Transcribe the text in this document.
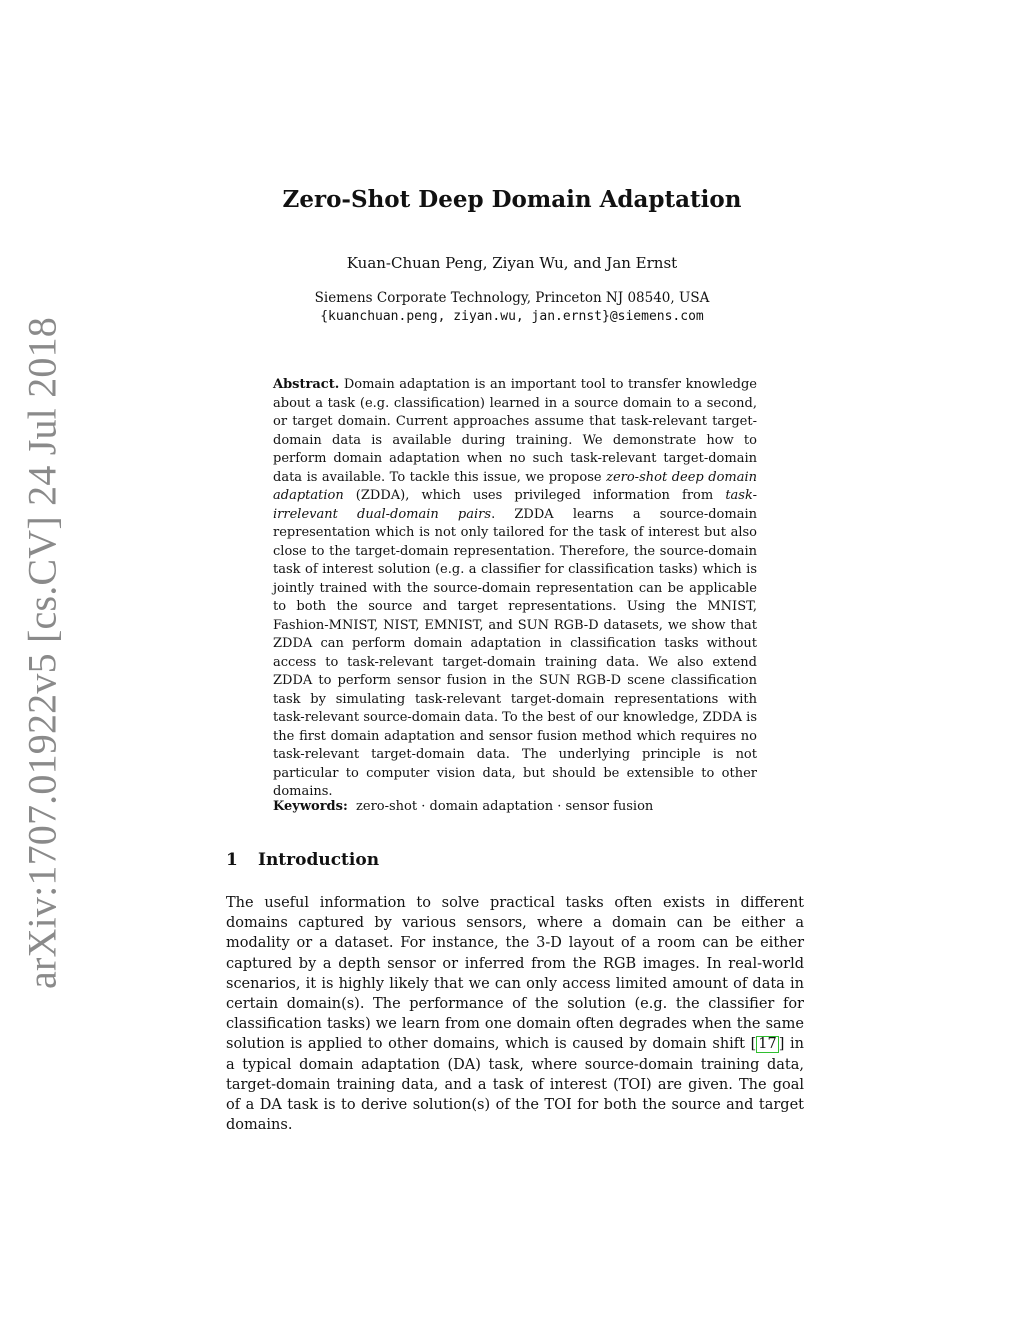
arXiv:1707.01922v5 [cs.CV] 24 Jul 2018
Zero-Shot Deep Domain Adaptation
Kuan-Chuan Peng, Ziyan Wu, and Jan Ernst
Siemens Corporate Technology, Princeton NJ 08540, USA
{kuanchuan.peng, ziyan.wu, jan.ernst}@siemens.com
Abstract. Domain adaptation is an important tool to transfer knowledge about a task (e.g. classification) learned in a source domain to a second, or target domain. Current approaches assume that task-relevant target-domain data is available during training. We demonstrate how to perform domain adaptation when no such task-relevant target-domain data is available. To tackle this issue, we propose zero-shot deep domain adaptation (ZDDA), which uses privileged information from task-irrelevant dual-domain pairs. ZDDA learns a source-domain representation which is not only tailored for the task of interest but also close to the target-domain representation. Therefore, the source-domain task of interest solution (e.g. a classifier for classification tasks) which is jointly trained with the source-domain representation can be applicable to both the source and target representations. Using the MNIST, Fashion-MNIST, NIST, EMNIST, and SUN RGB-D datasets, we show that ZDDA can perform domain adaptation in classification tasks without access to task-relevant target-domain training data. We also extend ZDDA to perform sensor fusion in the SUN RGB-D scene classification task by simulating task-relevant target-domain representations with task-relevant source-domain data. To the best of our knowledge, ZDDA is the first domain adaptation and sensor fusion method which requires no task-relevant target-domain data. The underlying principle is not particular to computer vision data, but should be extensible to other domains.
Keywords: zero-shot · domain adaptation · sensor fusion
1 Introduction
The useful information to solve practical tasks often exists in different domains captured by various sensors, where a domain can be either a modality or a dataset. For instance, the 3-D layout of a room can be either captured by a depth sensor or inferred from the RGB images. In real-world scenarios, it is highly likely that we can only access limited amount of data in certain domain(s). The performance of the solution (e.g. the classifier for classification tasks) we learn from one domain often degrades when the same solution is applied to other domains, which is caused by domain shift [ 17 ] in a typical domain adaptation (DA) task, where source-domain training data, target-domain training data, and a task of interest (TOI) are given. The goal of a DA task is to derive solution(s) of the TOI for both the source and target domains.
